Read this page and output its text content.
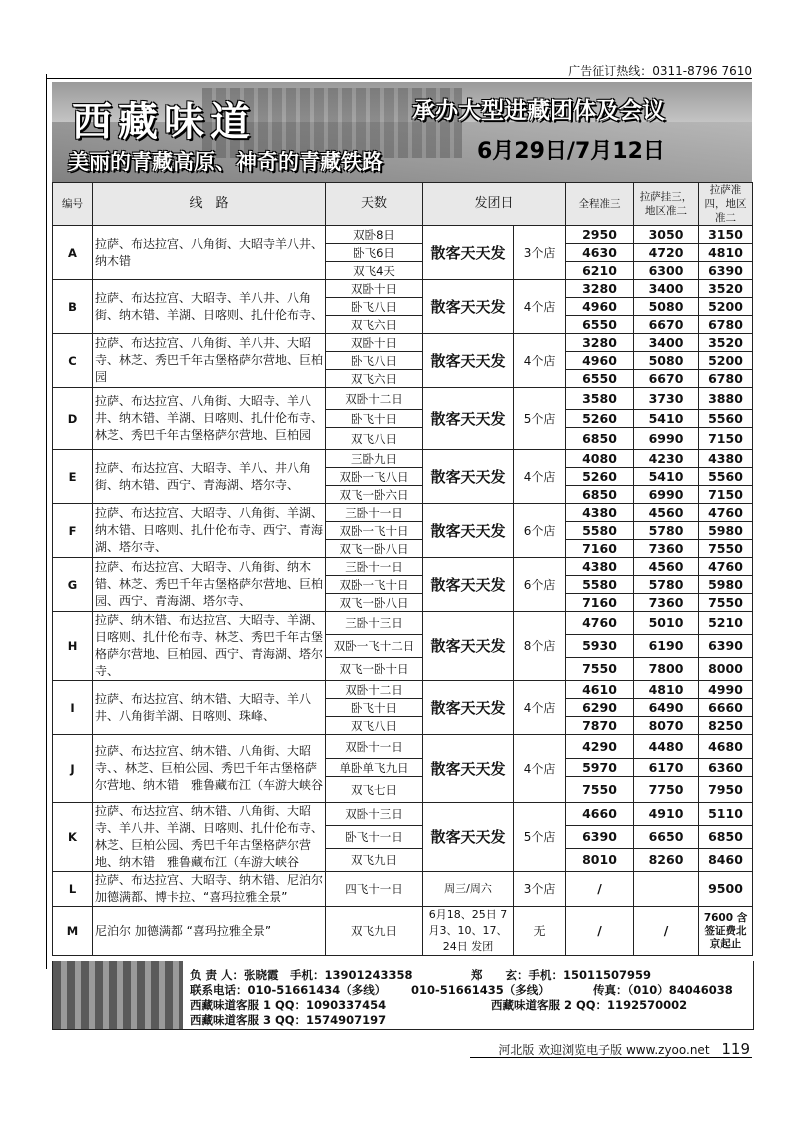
广告征订热线：0311-8796 7610
西藏味道
美丽的青藏高原、神奇的青藏铁路
承办大型进藏团体及会议
6月29日/7月12日
编号	线　路	天数	发团日		全程准三	拉萨挂三，地区准二	拉萨准四，地区准二
A	拉萨、布达拉宫、八角街、大昭寺羊八井、纳木错	双卧8日	散客天天发	3个店	2950	3050	3150
		卧飞6日			4630	4720	4810
		双飞4天			6210	6300	6390
B	拉萨、布达拉宫、大昭寺、羊八井、八角街、纳木错、羊湖、日喀则、扎什伦布寺、	双卧十日	散客天天发	4个店	3280	3400	3520
		卧飞八日			4960	5080	5200
		双飞六日			6550	6670	6780
C	拉萨、布达拉宫、八角街、羊八井、大昭寺、林芝、秀巴千年古堡格萨尔营地、巨柏园	双卧十日	散客天天发	4个店	3280	3400	3520
		卧飞八日			4960	5080	5200
		双飞六日			6550	6670	6780
D	拉萨、布达拉宫、八角街、大昭寺、羊八井、纳木错、羊湖、日喀则、扎什伦布寺、林芝、秀巴千年古堡格萨尔营地、巨柏园	双卧十二日	散客天天发	5个店	3580	3730	3880
		卧飞十日			5260	5410	5560
		双飞八日			6850	6990	7150
E	拉萨、布达拉宫、大昭寺、羊八、井八角街、纳木错、西宁、青海湖、塔尔寺、	三卧九日	散客天天发	4个店	4080	4230	4380
		双卧一飞八日			5260	5410	5560
		双飞一卧六日			6850	6990	7150
F	拉萨、布达拉宫、大昭寺、八角街、羊湖、纳木错、日喀则、扎什伦布寺、西宁、青海湖、塔尔寺、	三卧十一日	散客天天发	6个店	4380	4560	4760
		双卧一飞十日			5580	5780	5980
		双飞一卧八日			7160	7360	7550
G	拉萨、布达拉宫、大昭寺、八角街、纳木错、林芝、秀巴千年古堡格萨尔营地、巨柏园、西宁、青海湖、塔尔寺、	三卧十一日	散客天天发	6个店	4380	4560	4760
		双卧一飞十日			5580	5780	5980
		双飞一卧八日			7160	7360	7550
H	拉萨、纳木错、布达拉宫、大昭寺、羊湖、日喀则、扎什伦布寺、林芝、秀巴千年古堡格萨尔营地、巨柏园、西宁、青海湖、塔尔寺、	三卧十三日	散客天天发	8个店	4760	5010	5210
		双卧一飞十二日			5930	6190	6390
		双飞一卧十日			7550	7800	8000
I	拉萨、布达拉宫、纳木错、大昭寺、羊八井、八角街羊湖、日喀则、珠峰、	双卧十二日	散客天天发	4个店	4610	4810	4990
		卧飞十日			6290	6490	6660
		双飞八日			7870	8070	8250
J	拉萨、布达拉宫、纳木错、八角街、大昭寺、、林芝、巨柏公园、秀巴千年古堡格萨尔营地、纳木错　雅鲁藏布江（车游大峡谷	双卧十一日	散客天天发	4个店	4290	4480	4680
		单卧单飞九日			5970	6170	6360
		双飞七日			7550	7750	7950
K	拉萨、布达拉宫、纳木错、八角街、大昭寺、羊八井、羊湖、日喀则、扎什伦布寺、林芝、巨柏公园、秀巴千年古堡格萨尔营地、纳木错　雅鲁藏布江（车游大峡谷	双卧十三日	散客天天发	5个店	4660	4910	5110
		卧飞十一日			6390	6650	6850
		双飞九日			8010	8260	8460
L	拉萨、布达拉宫、大昭寺、纳木错、尼泊尔加德满都、博卡拉、“喜玛拉雅全景”	四飞十一日	周三/周六	3个店	/		9500
M	尼泊尔 加德满都 “喜玛拉雅全景”	双飞九日	6月18、25日 7月3、10、17、24日 发团	无	/	/	7600 含签证费北京起止
负 责 人：张晓霞　手机：13901243358	郑　　玄：手机：15011507959
联系电话：010-51661434（多线） 010-51661435（多线）	传真：（010）84046038
西藏味道客服 1 QQ：1090337454	西藏味道客服 2 QQ：1192570002
西藏味道客服 3 QQ：1574907197
河北版 欢迎浏览电子版 www.zyoo.net 119
